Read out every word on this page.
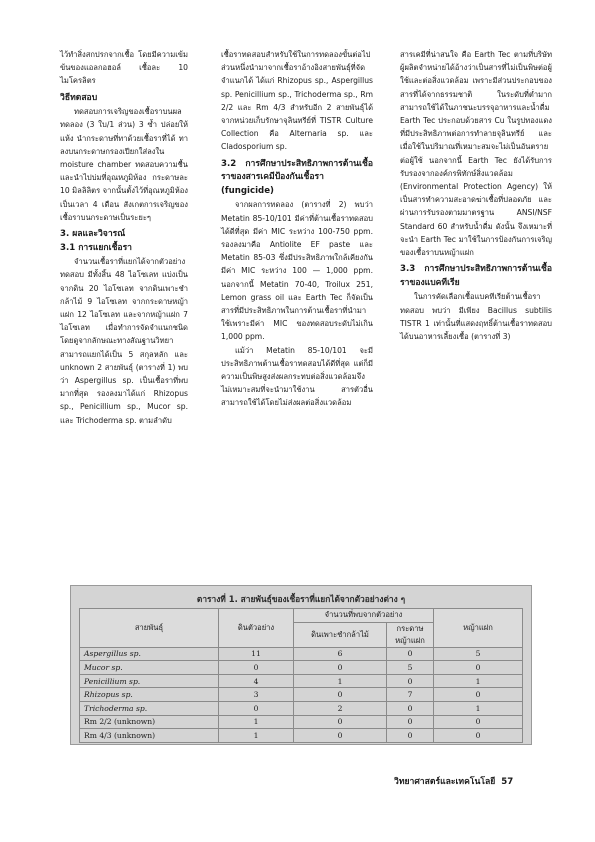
ไว้ทำสิ่งสกปรกจากเชื้อ โดยมีความเข้มข้นของแอลกอฮอล์ เชื้อละ 10 ไมโครลิตร

วิธีทดสอบ

ทดสอบการเจริญของเชื้อราบนผลทดลอง (3 ใบ/1 ส่วน) 3 ซ้ำ ปล่อยให้แห้ง นำกระดาษที่ทาด้วยเชื้อราที่ได้ ทาลงบนกระดาษกรองเปียกใส่ลงใน moisture chamber ทดสอบความชื้น และนำไปบ่มที่อุณหภูมิห้อง กระดาษละ 10 มิลลิลิตร จากนั้นตั้งไว้ที่อุณหภูมิห้อง เป็นเวลา 4 เดือน สังเกตการเจริญของเชื้อราบนกระดาษเป็นระยะๆ

3. ผลและวิจารณ์

3.1 การแยกเชื้อรา

จำนวนเชื้อราที่แยกได้จากตัวอย่างทดสอบ มีทั้งสิ้น 48 ไอโซเลท แบ่งเป็นจากดิน 20 ไอโซเลท จากดินเพาะชำกล้าไม้ 9 ไอโซเลท จากกระดาษหญ้าแฝก 12 ไอโซเลท และจากหญ้าแฝก 7 ไอโซเลท เมื่อทำการจัดจำแนกชนิดโดยดูจากลักษณะทางสัณฐานวิทยา สามารถแยกได้เป็น 5 สกุลหลัก และ unknown 2 สายพันธุ์ (ตารางที่ 1) พบว่า Aspergillus sp. เป็นเชื้อราที่พบมากที่สุด รองลงมาได้แก่ Rhizopus sp., Penicillium sp., Mucor sp. และ Trichoderma sp. ตามลำดับ

เชื้อราทดสอบสำหรับใช้ในการทดลองขั้นต่อไป ส่วนหนึ่งนำมาจากเชื้อราอ้างอิงสายพันธุ์ที่จัดจำแนกได้ ได้แก่ Rhizopus sp., Aspergillus sp. Penicillium sp., Trichoderma sp., Rm 2/2 และ Rm 4/3 สำหรับอีก 2 สายพันธุ์ได้จากหน่วยเก็บรักษาจุลินทรีย์ที่ TISTR Culture Collection คือ Alternaria sp. และ Cladosporium sp.

3.2 การศึกษาประสิทธิภาพการต้านเชื้อราของสารเคมีป้องกันเชื้อรา (fungicide)

จากผลการทดลอง (ตารางที่ 2) พบว่า Metatin 85-10/101 มีค่าที่ต้านเชื้อราทดสอบได้ดีที่สุด มีค่า MIC ระหว่าง 100-750 ppm. รองลงมาคือ Antiolite EF paste และ Metatin 85-03 ซึ่งมีประสิทธิภาพใกล้เคียงกัน มีค่า MIC ระหว่าง 100 — 1,000 ppm. นอกจากนี้ Metatin 70-40, Troilux 251, Lemon grass oil และ Earth Tec ก็จัดเป็นสารที่มีประสิทธิภาพในการต้านเชื้อราที่นำมาใช้เพราะมีค่า MIC ของทดสอบระดับไม่เกิน 1,000 ppm.

แม้ว่า Metatin 85-10/101 จะมีประสิทธิภาพต้านเชื้อราทดสอบได้ดีที่สุด แต่ก็มีความเป็นพิษสูงส่งผลกระทบต่อสิ่งแวดล้อมจึงไม่เหมาะสมที่จะนำมาใช้งาน สารตัวอื่นสามารถใช้ได้โดยไม่ส่งผลต่อสิ่งแวดล้อม

สารเคมีที่น่าสนใจ คือ Earth Tec ตามที่บริษัทผู้ผลิตจำหน่ายได้อ้างว่าเป็นสารที่ไม่เป็นพิษต่อผู้ใช้และต่อสิ่งแวดล้อม เพราะมีส่วนประกอบของสารที่ได้จากธรรมชาติ ในระดับที่ต่ำมาก สามารถใช้ได้ในภาชนะบรรจุอาหารและน้ำดื่ม Earth Tec ประกอบด้วยสาร Cu ในรูปทองแดงที่มีประสิทธิภาพต่อการทำลายจุลินทรีย์ และเมื่อใช้ในปริมาณที่เหมาะสมจะไม่เป็นอันตรายต่อผู้ใช้ นอกจากนี้ Earth Tec ยังได้รับการรับรองจากองค์กรพิทักษ์สิ่งแวดล้อม (Environmental Protection Agency) ให้เป็นสารทำความสะอาดฆ่าเชื้อที่ปลอดภัย และผ่านการรับรองตามมาตรฐาน ANSI/NSF Standard 60 สำหรับน้ำดื่ม ดังนั้น จึงเหมาะที่จะนำ Earth Tec มาใช้ในการป้องกันการเจริญของเชื้อราบนหญ้าแฝก

3.3 การศึกษาประสิทธิภาพการต้านเชื้อราของแบคทีเรีย

ในการคัดเลือกเชื้อแบคทีเรียต้านเชื้อราทดสอบ พบว่า มีเพียง Bacillus subtilis TISTR 1 เท่านั้นที่แสดงฤทธิ์ต้านเชื้อราทดสอบได้บนอาหารเลี้ยงเชื้อ (ตารางที่ 3)

ตารางที่ 1. สายพันธุ์ของเชื้อราที่แยกได้จากตัวอย่างต่าง ๆ
สายพันธุ์	ดินตัวอย่าง	จำนวนที่พบจากตัวอย่าง		หญ้าแฝก
		ดินเพาะชำกล้าไม้	กระดาษหญ้าแฝก	
Aspergillus sp.	11	6	0	5
Mucor sp.	0	0	5	0
Penicillium sp.	4	1	0	1
Rhizopus sp.	3	0	7	0
Trichoderma sp.	0	2	0	1
Rm 2/2 (unknown)	1	0	0	0
Rm 4/3 (unknown)	1	0	0	0
วิทยาศาสตร์และเทคโนโลยี 57
